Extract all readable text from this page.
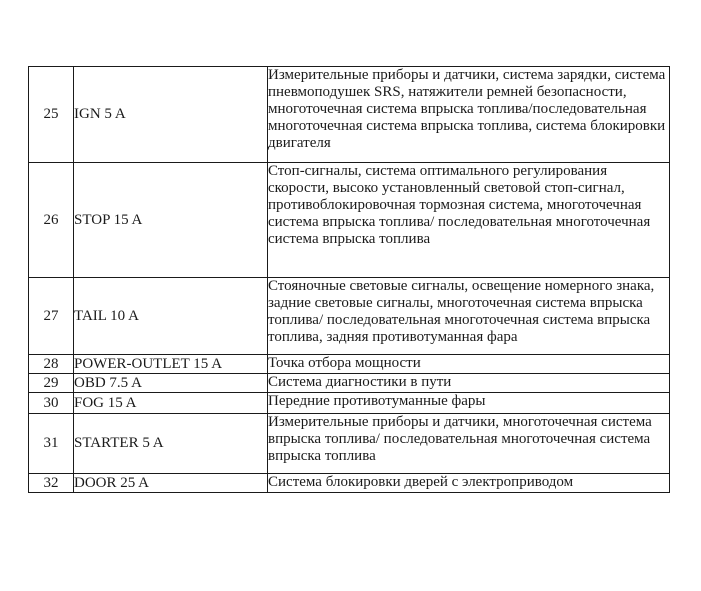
25	IGN 5 A	Измерительные приборы и датчики, система зарядки, система пневмоподушек SRS, натяжители ремней безопасности, многоточечная система впрыска топлива/последовательная многоточечная система впрыска топлива, система блокировки двигателя
26	STOP 15 A	Стоп-сигналы, система оптимального регулирования скорости, высоко установленный световой стоп-сигнал, противоблокировочная тормозная система, многоточечная система впрыска топлива/ последовательная многоточечная система впрыска топлива
27	TAIL 10 A	Стояночные световые сигналы, освещение номерного знака, задние световые сигналы, многоточечная система впрыска топлива/ последовательная многоточечная система впрыска топлива, задняя противотуманная фара
28	POWER-OUTLET 15 A	Точка отбора мощности
29	OBD 7.5 A	Система диагностики в пути
30	FOG 15 A	Передние противотуманные фары
31	STARTER 5 A	Измерительные приборы и датчики, многоточечная система впрыска топлива/ последовательная многоточечная система впрыска топлива
32	DOOR 25 A	Система блокировки дверей с электроприводом
